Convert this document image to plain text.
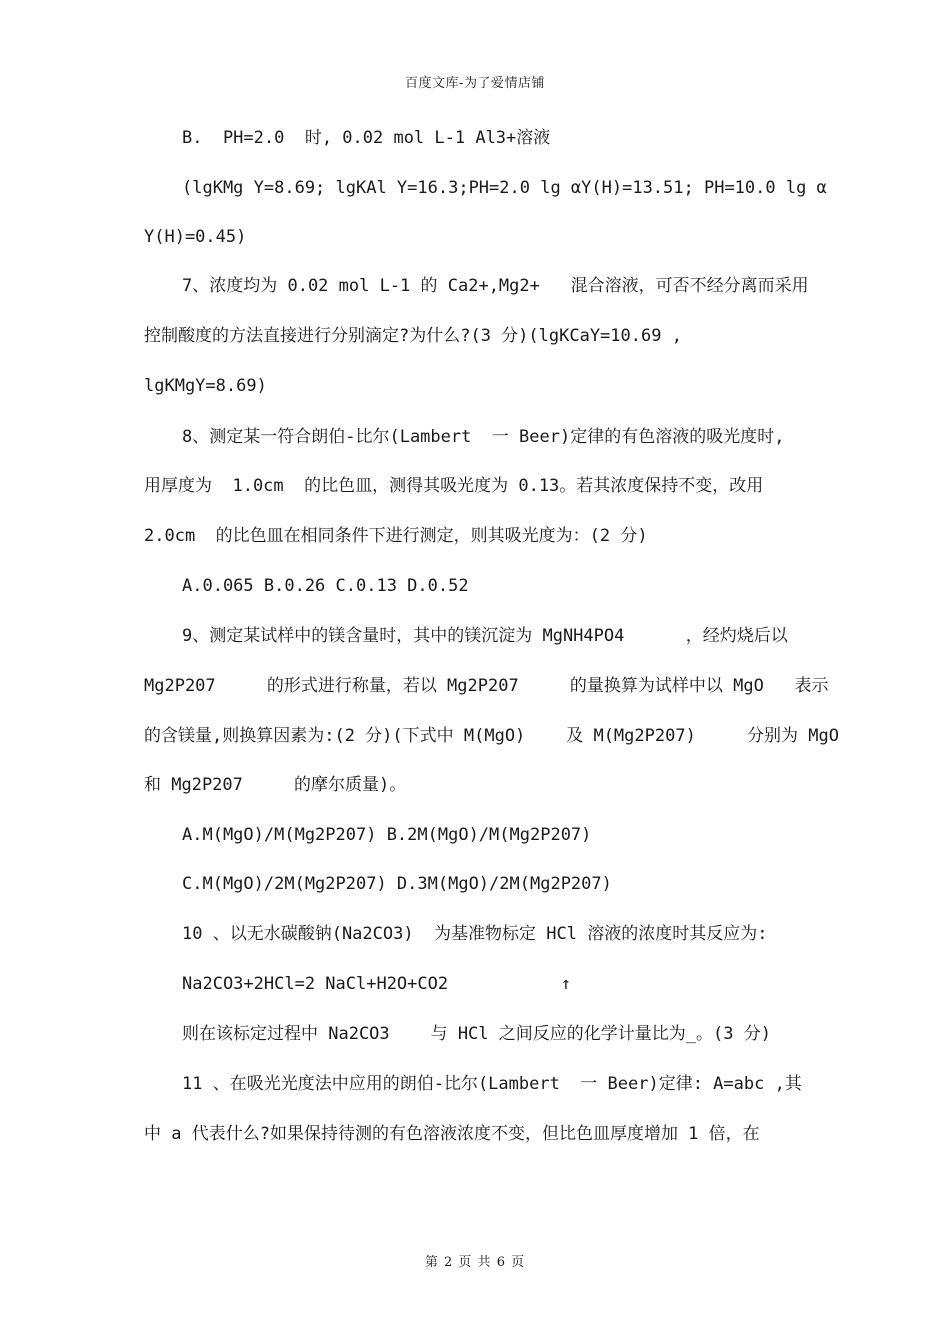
百度文库-为了爱情店铺
B.  PH=2.0  时, 0.02 mol L-1 Al3+溶液
(lgKMg Y=8.69; lgKAl Y=16.3;PH=2.0 lg αY(H)=13.51; PH=10.0 lg α
Y(H)=0.45)
7、浓度均为 0.02 mol L-1 的 Ca2+,Mg2+   混合溶液，可否不经分离而采用
控制酸度的方法直接进行分别滴定?为什么?(3 分)(lgKCaY=10.69 ,
lgKMgY=8.69)
8、测定某一符合朗伯-比尔(Lambert  一 Beer)定律的有色溶液的吸光度时,
用厚度为  1.0cm  的比色皿，测得其吸光度为 0.13。若其浓度保持不变，改用
2.0cm  的比色皿在相同条件下进行测定，则其吸光度为：(2 分)
A.0.065 B.0.26 C.0.13 D.0.52
9、测定某试样中的镁含量时，其中的镁沉淀为 MgNH4PO4      ，经灼烧后以
Mg2P207     的形式进行称量，若以 Mg2P207     的量换算为试样中以 MgO   表示
的含镁量,则换算因素为:(2 分)(下式中 M(MgO)    及 M(Mg2P207)     分别为 MgO
和 Mg2P207     的摩尔质量)。
A.M(MgO)/M(Mg2P207) B.2M(MgO)/M(Mg2P207)
C.M(MgO)/2M(Mg2P207) D.3M(MgO)/2M(Mg2P207)
10 、以无水碳酸钠(Na2CO3)  为基准物标定 HCl 溶液的浓度时其反应为:
Na2CO3+2HCl=2 NaCl+H2O+CO2           ↑
则在该标定过程中 Na2CO3    与 HCl 之间反应的化学计量比为_。(3 分)
11 、在吸光光度法中应用的朗伯-比尔(Lambert  一 Beer)定律: A=abc ,其
中 a 代表什么?如果保持待测的有色溶液浓度不变，但比色皿厚度增加 1 倍，在
第 2 页 共 6 页
